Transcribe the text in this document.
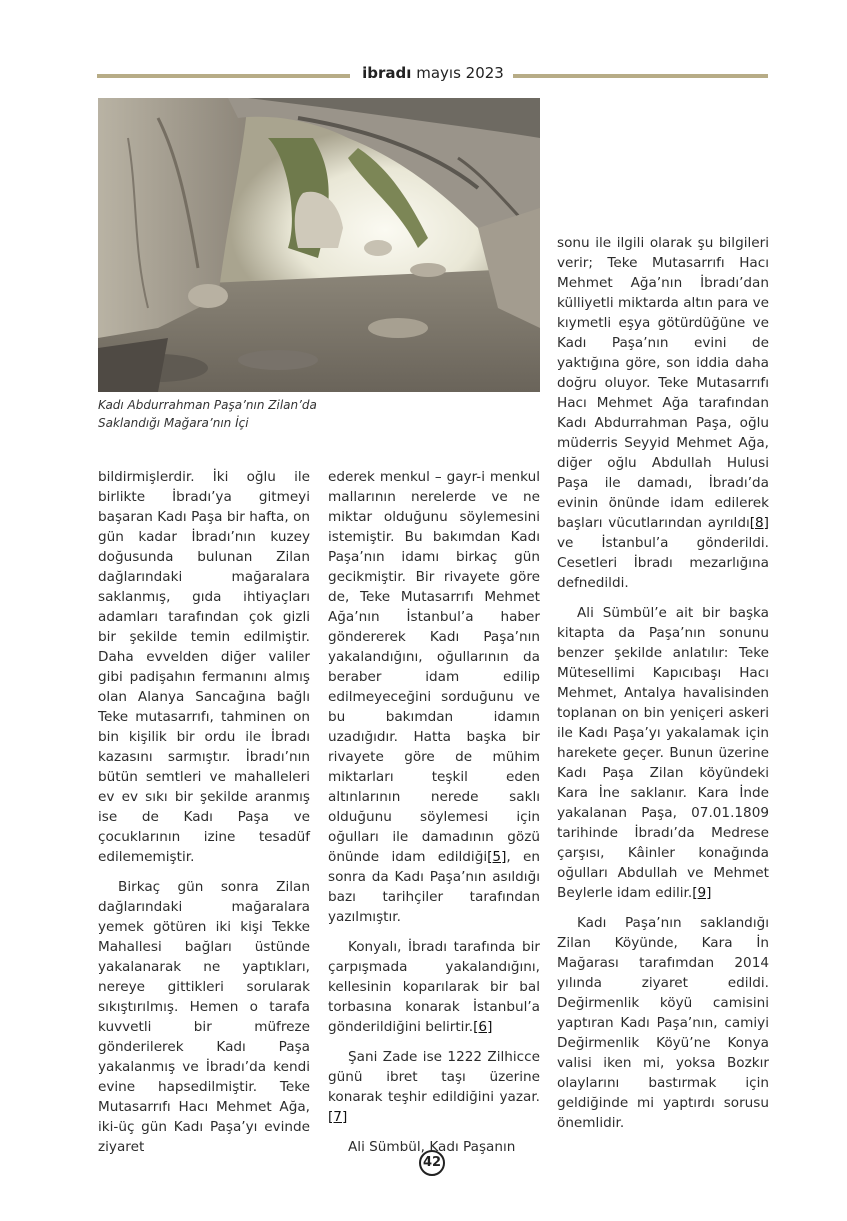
ibradı mayıs 2023
Kadı Abdurrahman Paşa’nın Zilan’da
Saklandığı Mağara’nın İçi

bildirmişlerdir. İki oğlu ile birlikte İbradı’ya gitmeyi başaran Kadı Paşa bir hafta, on gün kadar İbradı’nın kuzey doğusunda bulunan Zilan dağlarındaki mağaralara saklanmış, gıda ihtiyaçları adamları tarafından çok gizli bir şekilde temin edilmiştir. Daha evvelden diğer valiler gibi padişahın fermanını almış olan Alanya Sancağına bağlı Teke mutasarrıfı, tahminen on bin kişilik bir ordu ile İbradı kazasını sarmıştır. İbradı’nın bütün semtleri ve mahalleleri ev ev sıkı bir şekilde aranmış ise de Kadı Paşa ve çocuklarının izine tesadüf edilememiştir.

Birkaç gün sonra Zilan dağlarındaki mağaralara yemek götüren iki kişi Tekke Mahallesi bağları üstünde yakalanarak ne yaptıkları, nereye gittikleri sorularak sıkıştırılmış. Hemen o tarafa kuvvetli bir müfreze gönderilerek Kadı Paşa yakalanmış ve İbradı’da kendi evine hapsedilmiştir. Teke Mutasarrıfı Hacı Mehmet Ağa, iki-üç gün Kadı Paşa’yı evinde ziyaret

ederek menkul – gayr-i menkul mallarının nerelerde ve ne miktar olduğunu söylemesini istemiştir. Bu bakımdan Kadı Paşa’nın idamı birkaç gün gecikmiştir. Bir rivayete göre de, Teke Mutasarrıfı Mehmet Ağa’nın İstanbul’a haber göndererek Kadı Paşa’nın yakalandığını, oğullarının da beraber idam edilip edilmeyeceğini sorduğunu ve bu bakımdan idamın uzadığıdır. Hatta başka bir rivayete göre de mühim miktarları teşkil eden altınlarının nerede saklı olduğunu söylemesi için oğulları ile damadının gözü önünde idam edildiği[5], en sonra da Kadı Paşa’nın asıldığı bazı tarihçiler tarafından yazılmıştır.

Konyalı, İbradı tarafında bir çarpışmada yakalandığını, kellesinin koparılarak bir bal torbasına konarak İstanbul’a gönderildiğini belirtir.[6]

Şani Zade ise 1222 Zilhicce günü ibret taşı üzerine konarak teşhir edildiğini yazar.[7]

Ali Sümbül, Kadı Paşanın

sonu ile ilgili olarak şu bilgileri verir; Teke Mutasarrıfı Hacı Mehmet Ağa’nın İbradı’dan külliyetli miktarda altın para ve kıymetli eşya götürdüğüne ve Kadı Paşa’nın evini de yaktığına göre, son iddia daha doğru oluyor. Teke Mutasarrıfı Hacı Mehmet Ağa tarafından Kadı Abdurrahman Paşa, oğlu müderris Seyyid Mehmet Ağa, diğer oğlu Abdullah Hulusi Paşa ile damadı, İbradı’da evinin önünde idam edilerek başları vücutlarından ayrıldı[8] ve İstanbul’a gönderildi. Cesetleri İbradı mezarlığına defnedildi.

Ali Sümbül’e ait bir başka kitapta da Paşa’nın sonunu benzer şekilde anlatılır: Teke Mütesellimi Kapıcıbaşı Hacı Mehmet, Antalya havalisinden toplanan on bin yeniçeri askeri ile Kadı Paşa’yı yakalamak için harekete geçer. Bunun üzerine Kadı Paşa Zilan köyündeki Kara İne saklanır. Kara İnde yakalanan Paşa, 07.01.1809 tarihinde İbradı’da Medrese çarşısı, Kâinler konağında oğulları Abdullah ve Mehmet Beylerle idam edilir.[9]

Kadı Paşa’nın saklandığı Zilan Köyünde, Kara İn Mağarası tarafımdan 2014 yılında ziyaret edildi. Değirmenlik köyü camisini yaptıran Kadı Paşa’nın, camiyi Değirmenlik Köyü’ne Konya valisi iken mi, yoksa Bozkır olaylarını bastırmak için geldiğinde mi yaptırdı sorusu önemlidir.

42
